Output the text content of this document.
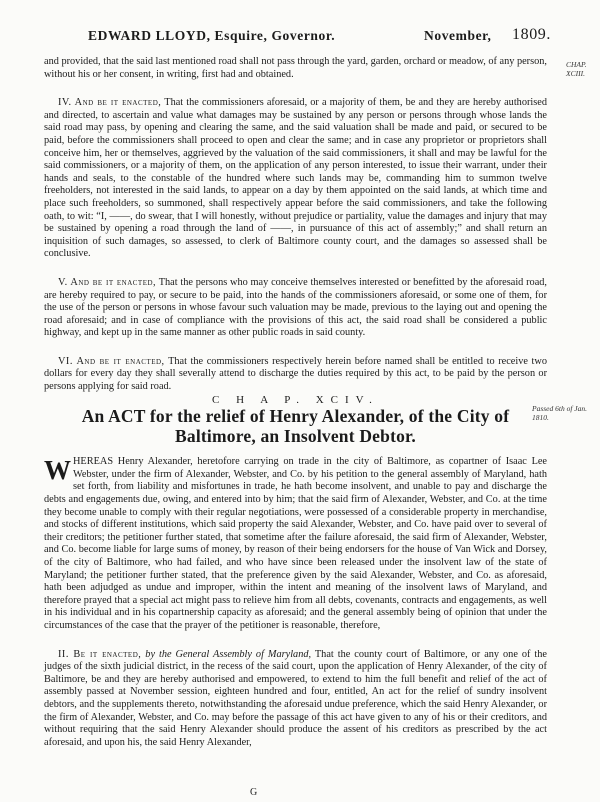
EDWARD LLOYD, Esquire, Governor.	November, 1809.
CHAP. XCIII.
Passed 6th of Jan. 1810.

and provided, that the said last mentioned road shall not pass through the yard, garden, orchard or meadow, of any person, without his or her consent, in writing, first had and obtained.

IV. And be it enacted, That the commissioners aforesaid, or a majority of them, be and they are hereby authorised and directed, to ascertain and value what damages may be sustained by any person or persons through whose lands the said road may pass, by opening and clearing the same, and the said valuation shall be made and paid, or secured to be paid, before the commissioners shall proceed to open and clear the same; and in case any proprietor or proprietors shall conceive him, her or themselves, aggrieved by the valuation of the said commissioners, it shall and may be lawful for the said commissioners, or a majority of them, on the application of any person interested, to issue their warrant, under their hands and seals, to the constable of the hundred where such lands may be, commanding him to summon twelve freeholders, not interested in the said lands, to appear on a day by them appointed on the said lands, at which time and place such freeholders, so summoned, shall respectively appear before the said commissioners, and take the following oath, to wit: “I, ——, do swear, that I will honestly, without prejudice or partiality, value the damages and injury that may be sustained by opening a road through the land of ——, in pursuance of this act of assembly;” and shall return an inquisition of such damages, so assessed, to clerk of Baltimore county court, and the damages so assessed shall be conclusive.

V. And be it enacted, That the persons who may conceive themselves interested or benefitted by the aforesaid road, are hereby required to pay, or secure to be paid, into the hands of the commissioners aforesaid, or some one of them, for the use of the person or persons in whose favour such valuation may be made, previous to the laying out and opening the road aforesaid; and in case of compliance with the provisions of this act, the said road shall be considered a public highway, and kept up in the same manner as other public roads in said county.

VI. And be it enacted, That the commissioners respectively herein before named shall be entitled to receive two dollars for every day they shall severally attend to discharge the duties required by this act, to be paid by the person or persons applying for said road.

C H A P. XCIV.

An ACT for the relief of Henry Alexander, of the City of Baltimore, an Insolvent Debtor.

WHEREAS Henry Alexander, heretofore carrying on trade in the city of Baltimore, as copartner of Isaac Lee Webster, under the firm of Alexander, Webster, and Co. by his petition to the general assembly of Maryland, hath set forth, from liability and misfortunes in trade, he hath become insolvent, and unable to pay and discharge the debts and engagements due, owing, and entered into by him; that the said firm of Alexander, Webster, and Co. at the time they become unable to comply with their regular negotiations, were possessed of a considerable property in merchandise, and stocks of different institutions, which said property the said Alexander, Webster, and Co. have paid over to several of their creditors; the petitioner further stated, that sometime after the failure aforesaid, the said firm of Alexander, Webster, and Co. become liable for large sums of money, by reason of their being endorsers for the house of Van Wick and Dorsey, of the city of Baltimore, who had failed, and who have since been released under the insolvent law of the state of Maryland; the petitioner further stated, that the preference given by the said Alexander, Webster, and Co. as aforesaid, hath been adjudged as undue and improper, within the intent and meaning of the insolvent laws of Maryland, and therefore prayed that a special act might pass to relieve him from all debts, covenants, contracts and engagements, as well in his individual and in his copartnership capacity as aforesaid; and the general assembly being of opinion that under the circumstances of the case that the prayer of the petitioner is reasonable, therefore,

II. Be it enacted, by the General Assembly of Maryland, That the county court of Baltimore, or any one of the judges of the sixth judicial district, in the recess of the said court, upon the application of Henry Alexander, of the city of Baltimore, be and they are hereby authorised and empowered, to extend to him the full benefit and relief of the act of assembly passed at November session, eighteen hundred and four, entitled, An act for the relief of sundry insolvent debtors, and the supplements thereto, notwithstanding the aforesaid undue preference, which the said Henry Alexander, or the firm of Alexander, Webster, and Co. may before the passage of this act have given to any of his or their creditors, and without requiring that the said Henry Alexander should produce the assent of his creditors as prescribed by the act aforesaid, and upon his, the said Henry Alexander,

G
